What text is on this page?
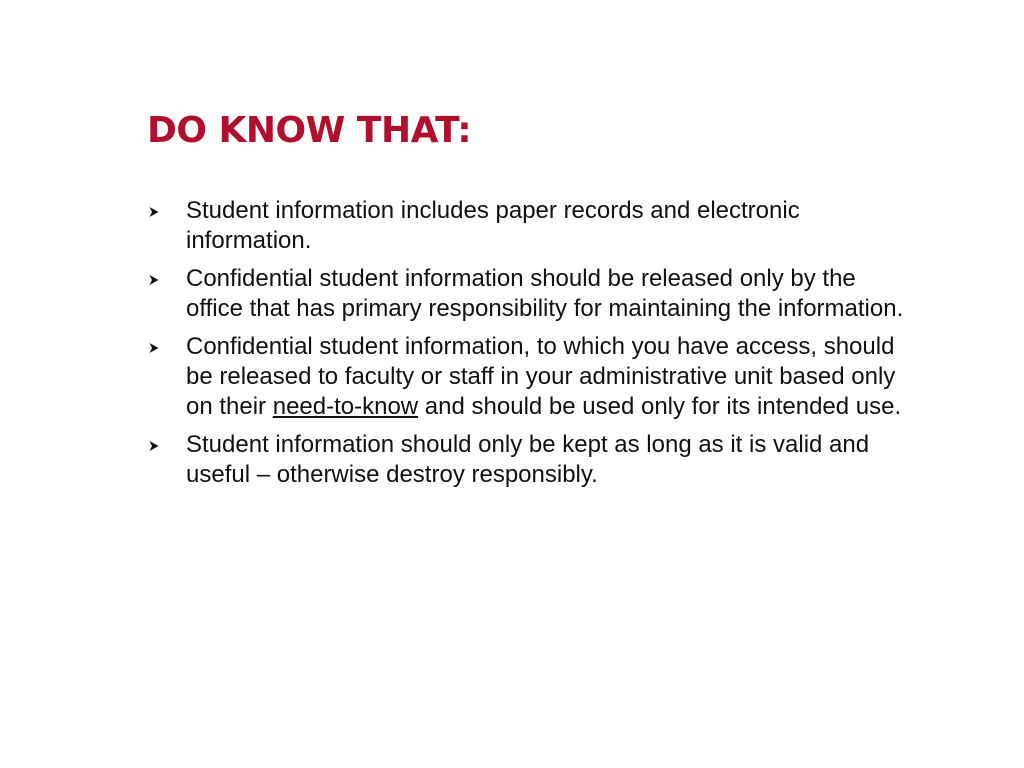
DO KNOW THAT:
Student information includes paper records and electronic information.
Confidential student information should be released only by the office that has primary responsibility for maintaining the information.
Confidential student information, to which you have access, should be released to faculty or staff in your administrative unit based only on their need-to-know and should be used only for its intended use.
Student information should only be kept as long as it is valid and useful – otherwise destroy responsibly.
